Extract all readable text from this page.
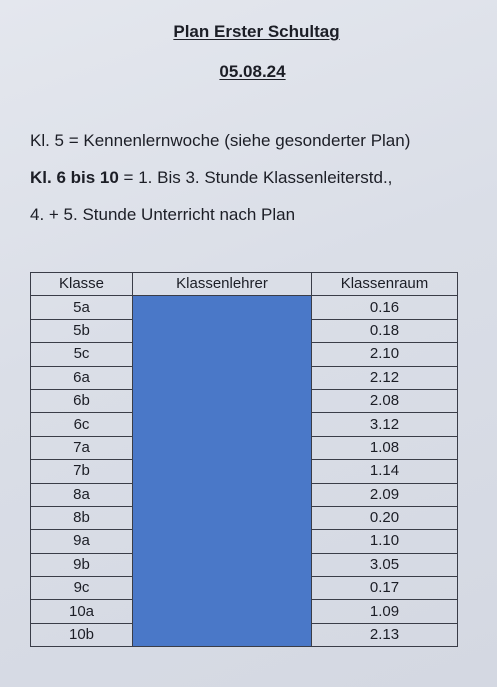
Plan Erster Schultag
05.08.24
Kl. 5 = Kennenlernwoche (siehe gesonderter Plan)
Kl. 6 bis 10 = 1. Bis 3. Stunde Klassenleiterstd.,
4. + 5. Stunde Unterricht nach Plan
Klasse	Klassenlehrer	Klassenraum
5a		0.16
5b		0.18
5c		2.10
6a		2.12
6b		2.08
6c		3.12
7a		1.08
7b		1.14
8a		2.09
8b		0.20
9a		1.10
9b		3.05
9c		0.17
10a		1.09
10b		2.13
